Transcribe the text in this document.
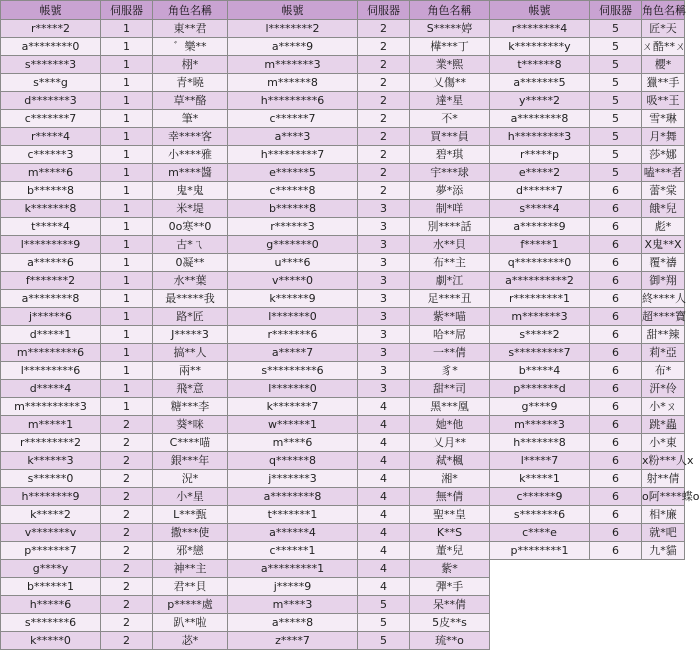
帳號	伺服器	角色名稱	帳號	伺服器	角色名稱	帳號	伺服器	角色名稱
r*****2	1	東**君	l********2	2	S*****婷	r********4	5	匠*天
a********0	1	゛樂**	a*****9	2	樺***丁	k*********y	5	ㄨ酷**ㄨ
s*******3	1	栩*	m*******3	2	業*熙	t******8	5	櫻*
s****g	1	青*曉	m******8	2	乂傷**	a*******5	5	獵**手
d*******3	1	草**酪	h*********6	2	達*星	y*****2	5	吸**王
c*******7	1	筆*	c******7	2	不*	a********8	5	雪*琳
r*****4	1	幸****客	a****3	2	買***員	h*********3	5	月*舞
c******3	1	小****雅	h*********7	2	碧*琪	r*****p	5	莎*娜
m*****6	1	m****醬	e******5	2	宇***球	e*****2	5	嗑***者
b******8	1	鬼*鬼	c******8	2	夢*添	d******7	6	蕾*棠
k*******8	1	米*堤	b******8	3	制*咩	s*****4	6	餓*兒
t*****4	1	0o寒**0	r******3	3	別****話	a*******9	6	彪*
l*********9	1	古*ㄟ	g*******0	3	水**貝	f*****1	6	X鬼**X
a******6	1	0凝**	u****6	3	布**主	q*********0	6	覆*禱
f*******2	1	水**葉	v*****0	3	劇*江	a**********2	6	御*翔
a********8	1	最*****我	k******9	3	足****丑	r*********1	6	終****人
j******6	1	路*匠	l*******0	3	紫**喵	m*******3	6	超****寶
d*****1	1	J*****3	r*******6	3	哈**屌	s*****2	6	甜**辣
m*********6	1	搞**人	a*****7	3	一**倩	s*********7	6	莉*亞
l*********6	1	兩**	s*********6	3	豸*	b*****4	6	布*
d*****4	1	飛*意	l*******0	3	甜**司	p*******d	6	汧*伶
m**********3	1	糖***李	k*******7	4	黑***凰	g****9	6	小*ㄡ
m*****1	2	葵*咪	w******1	4	她*他	m******3	6	跳*蟲
r*********2	2	C****喵	m****6	4	乂月**	h*******8	6	小*東
k******3	2	銀***年	q******8	4	弒*楓	l*****7	6	x粉***人x
s******0	2	況*	j*******3	4	湘*	k*****1	6	射**倩
h********9	2	小*星	a********8	4	無*倩	c******9	6	o阿****蝶o
k*****2	2	L***甄	t*******1	4	聖**皇	s*******6	6	相*廉
v*******v	2	撒***使	a******4	4	K**S	c****e	6	就*吧
p*******7	2	邪*戀	c******1	4	董*兒	p********1	6	九*貓
g****y	2	神**主	a*********1	4	紫*			
b******1	2	君**貝	j*****9	4	彈*手			
h*****6	2	p*****處	m****3	5	呆**倩			
s*******6	2	趴**啦	a*****8	5	5皮**s			
k*****0	2	苾*	z****7	5	琉**o			
